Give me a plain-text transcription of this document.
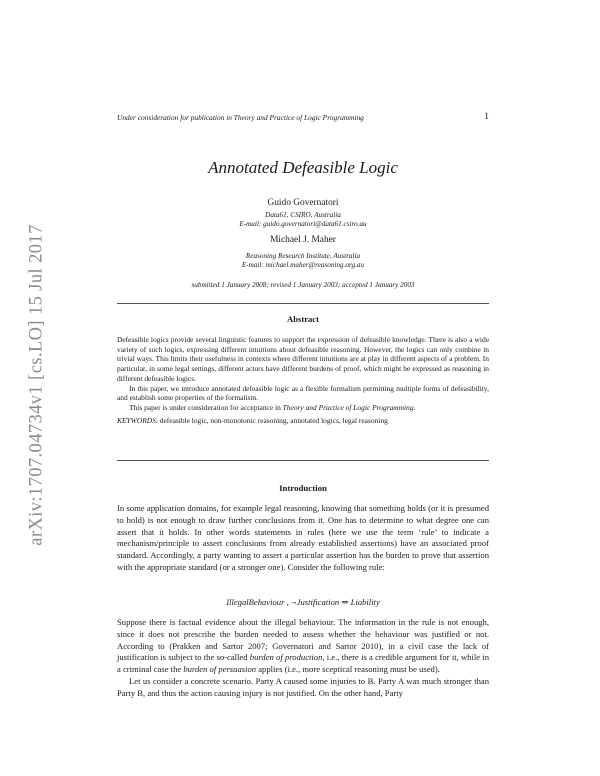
arXiv:1707.04734v1 [cs.LO] 15 Jul 2017
Under consideration for publication in Theory and Practice of Logic Programming	1
Annotated Defeasible Logic
Guido Governatori
Data61, CSIRO, Australia
E-mail: guido.governatori@data61.csiro.au
Michael J. Maher
Reasoning Research Institute, Australia
E-mail: michael.maher@reasoning.org.au
submitted 1 January 2008; revised 1 January 2003; accepted 1 January 2003
Abstract

Defeasible logics provide several linguistic features to support the expression of defeasible knowledge. There is also a wide variety of such logics, expressing different intuitions about defeasible reasoning. However, the logics can only combine in trivial ways. This limits their usefulness in contexts where different intuitions are at play in different aspects of a problem. In particular, in some legal settings, different actors have different burdens of proof, which might be expressed as reasoning in different defeasible logics.

In this paper, we introduce annotated defeasible logic as a flexible formalism permitting multiple forms of defeasibility, and establish some properties of the formalism.

This paper is under consideration for acceptance in Theory and Practice of Logic Programming.

KEYWORDS: defeasible logic, non-monotonic reasoning, annotated logics, legal reasoning

Introduction

In some application domains, for example legal reasoning, knowing that something holds (or it is presumed to hold) is not enough to draw further conclusions from it. One has to determine to what degree one can assert that it holds. In other words statements in rules (here we use the term ‘rule’ to indicate a mechanism/principle to assert conclusions from already established assertions) have an associated proof standard. Accordingly, a party wanting to assert a particular assertion has the burden to prove that assertion with the appropriate standard (or a stronger one). Consider the following rule:

IllegalBehaviour , ¬Justification ⇒ Liability

Suppose there is factual evidence about the illegal behaviour. The information in the rule is not enough, since it does not prescribe the burden needed to assess whether the behaviour was justified or not. According to (Prakken and Sartor 2007; Governatori and Sartor 2010), in a civil case the lack of justification is subject to the so-called burden of production, i.e., there is a credible argument for it, while in a criminal case the burden of persuasion applies (i.e., more sceptical reasoning must be used).

Let us consider a concrete scenario. Party A caused some injuries to B. Party A was much stronger than Party B, and thus the action causing injury is not justified. On the other hand, Party
